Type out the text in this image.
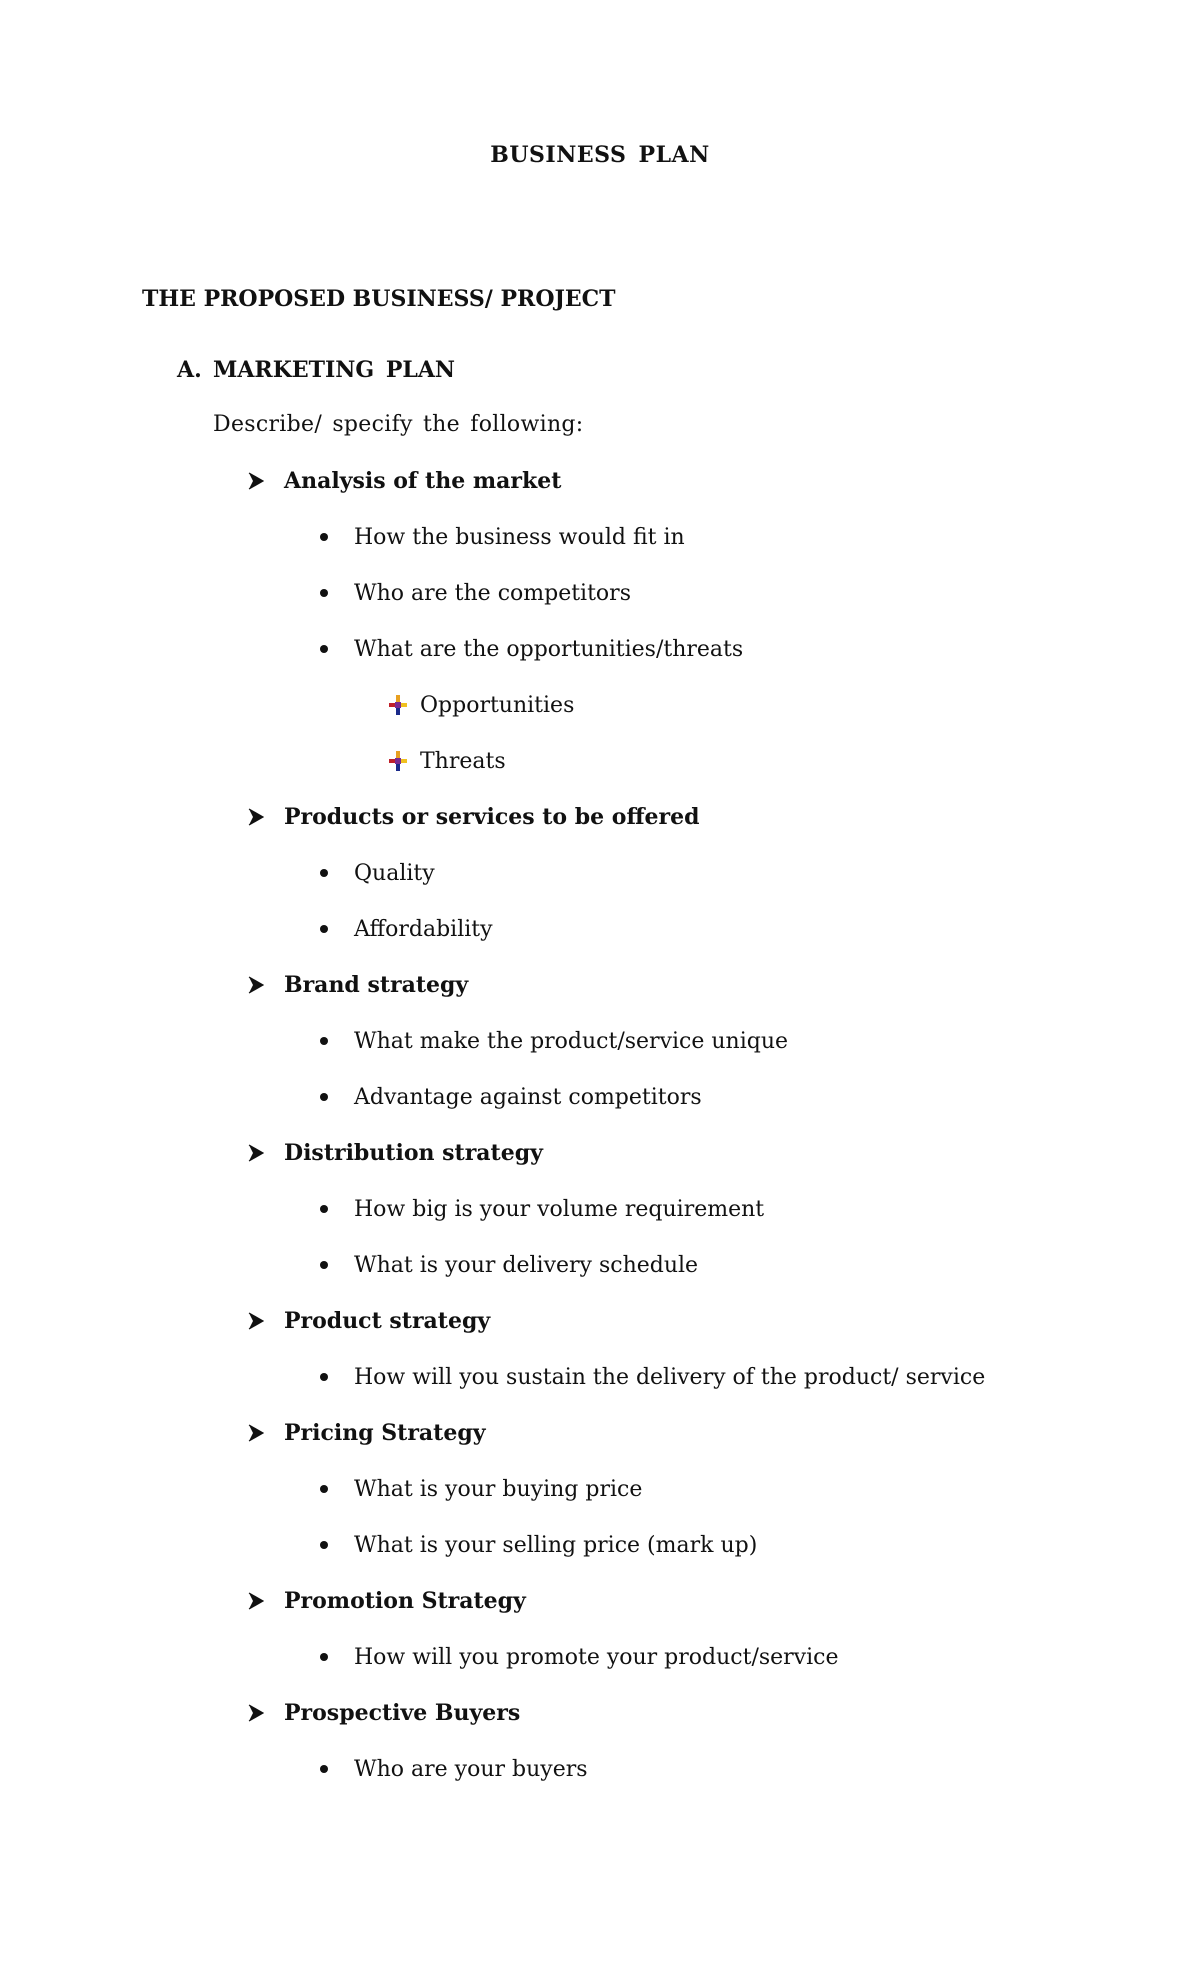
BUSINESS PLAN
THE PROPOSED BUSINESS/ PROJECT
A. MARKETING PLAN
Describe/ specify the following:
Analysis of the market
How the business would fit in
Who are the competitors
What are the opportunities/threats
Opportunities
Threats
Products or services to be offered
Quality
Affordability
Brand strategy
What make the product/service unique
Advantage against competitors
Distribution strategy
How big is your volume requirement
What is your delivery schedule
Product strategy
How will you sustain the delivery of the product/ service
Pricing Strategy
What is your buying price
What is your selling price (mark up)
Promotion Strategy
How will you promote your product/service
Prospective Buyers
Who are your buyers
